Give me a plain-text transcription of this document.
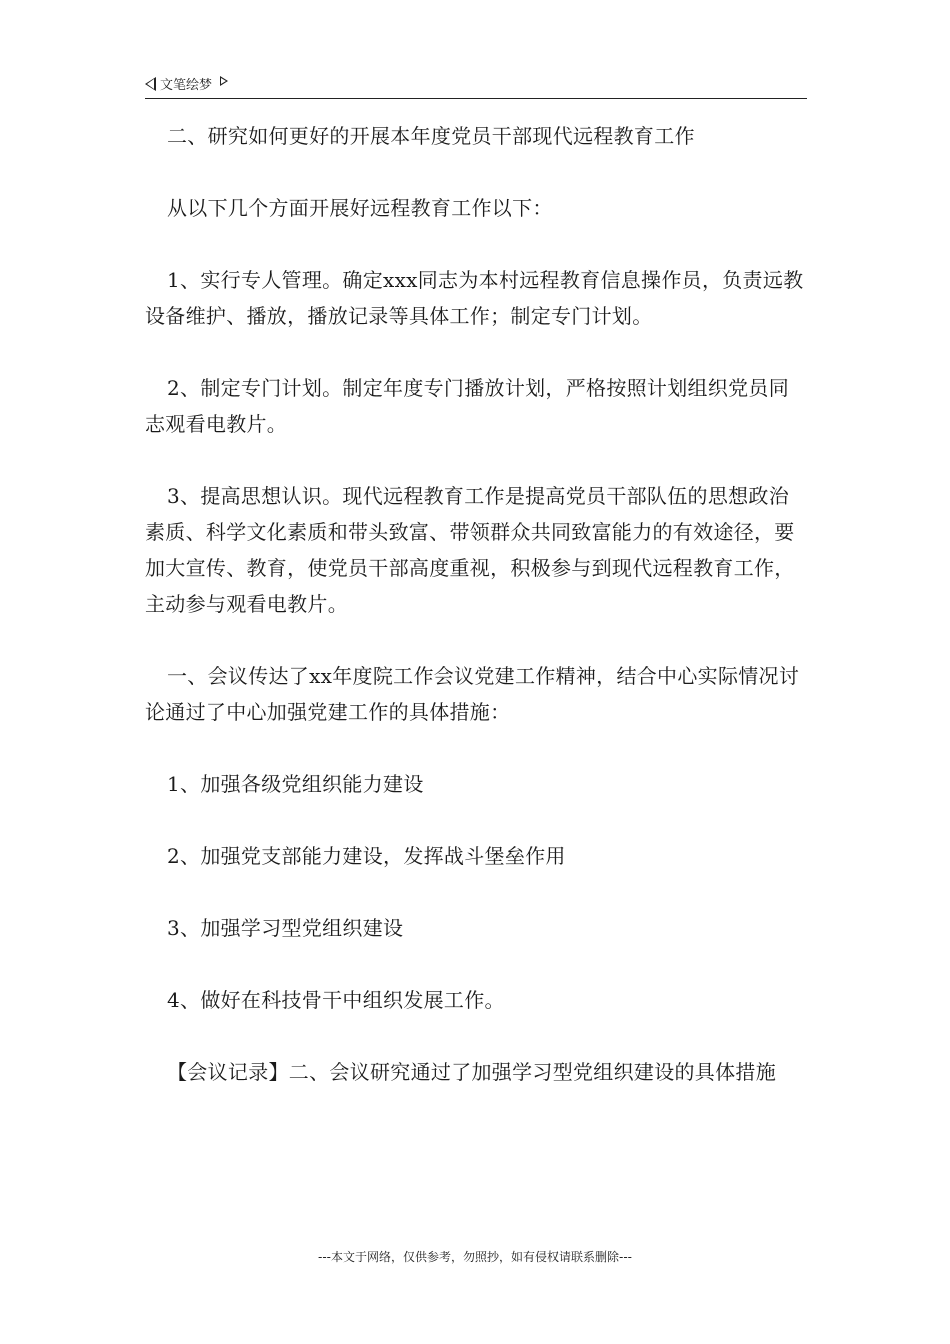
文笔绘梦

二、研究如何更好的开展本年度党员干部现代远程教育工作

从以下几个方面开展好远程教育工作以下：

1、实行专人管理。确定xxx同志为本村远程教育信息操作员，负责远教设备维护、播放，播放记录等具体工作；制定专门计划。

2、制定专门计划。制定年度专门播放计划，严格按照计划组织党员同志观看电教片。

3、提高思想认识。现代远程教育工作是提高党员干部队伍的思想政治素质、科学文化素质和带头致富、带领群众共同致富能力的有效途径，要加大宣传、教育，使党员干部高度重视，积极参与到现代远程教育工作，主动参与观看电教片。

一、会议传达了xx年度院工作会议党建工作精神，结合中心实际情况讨论通过了中心加强党建工作的具体措施：

1、加强各级党组织能力建设

2、加强党支部能力建设，发挥战斗堡垒作用

3、加强学习型党组织建设

4、做好在科技骨干中组织发展工作。

【会议记录】二、会议研究通过了加强学习型党组织建设的具体措施

---本文于网络，仅供参考，勿照抄，如有侵权请联系删除---
